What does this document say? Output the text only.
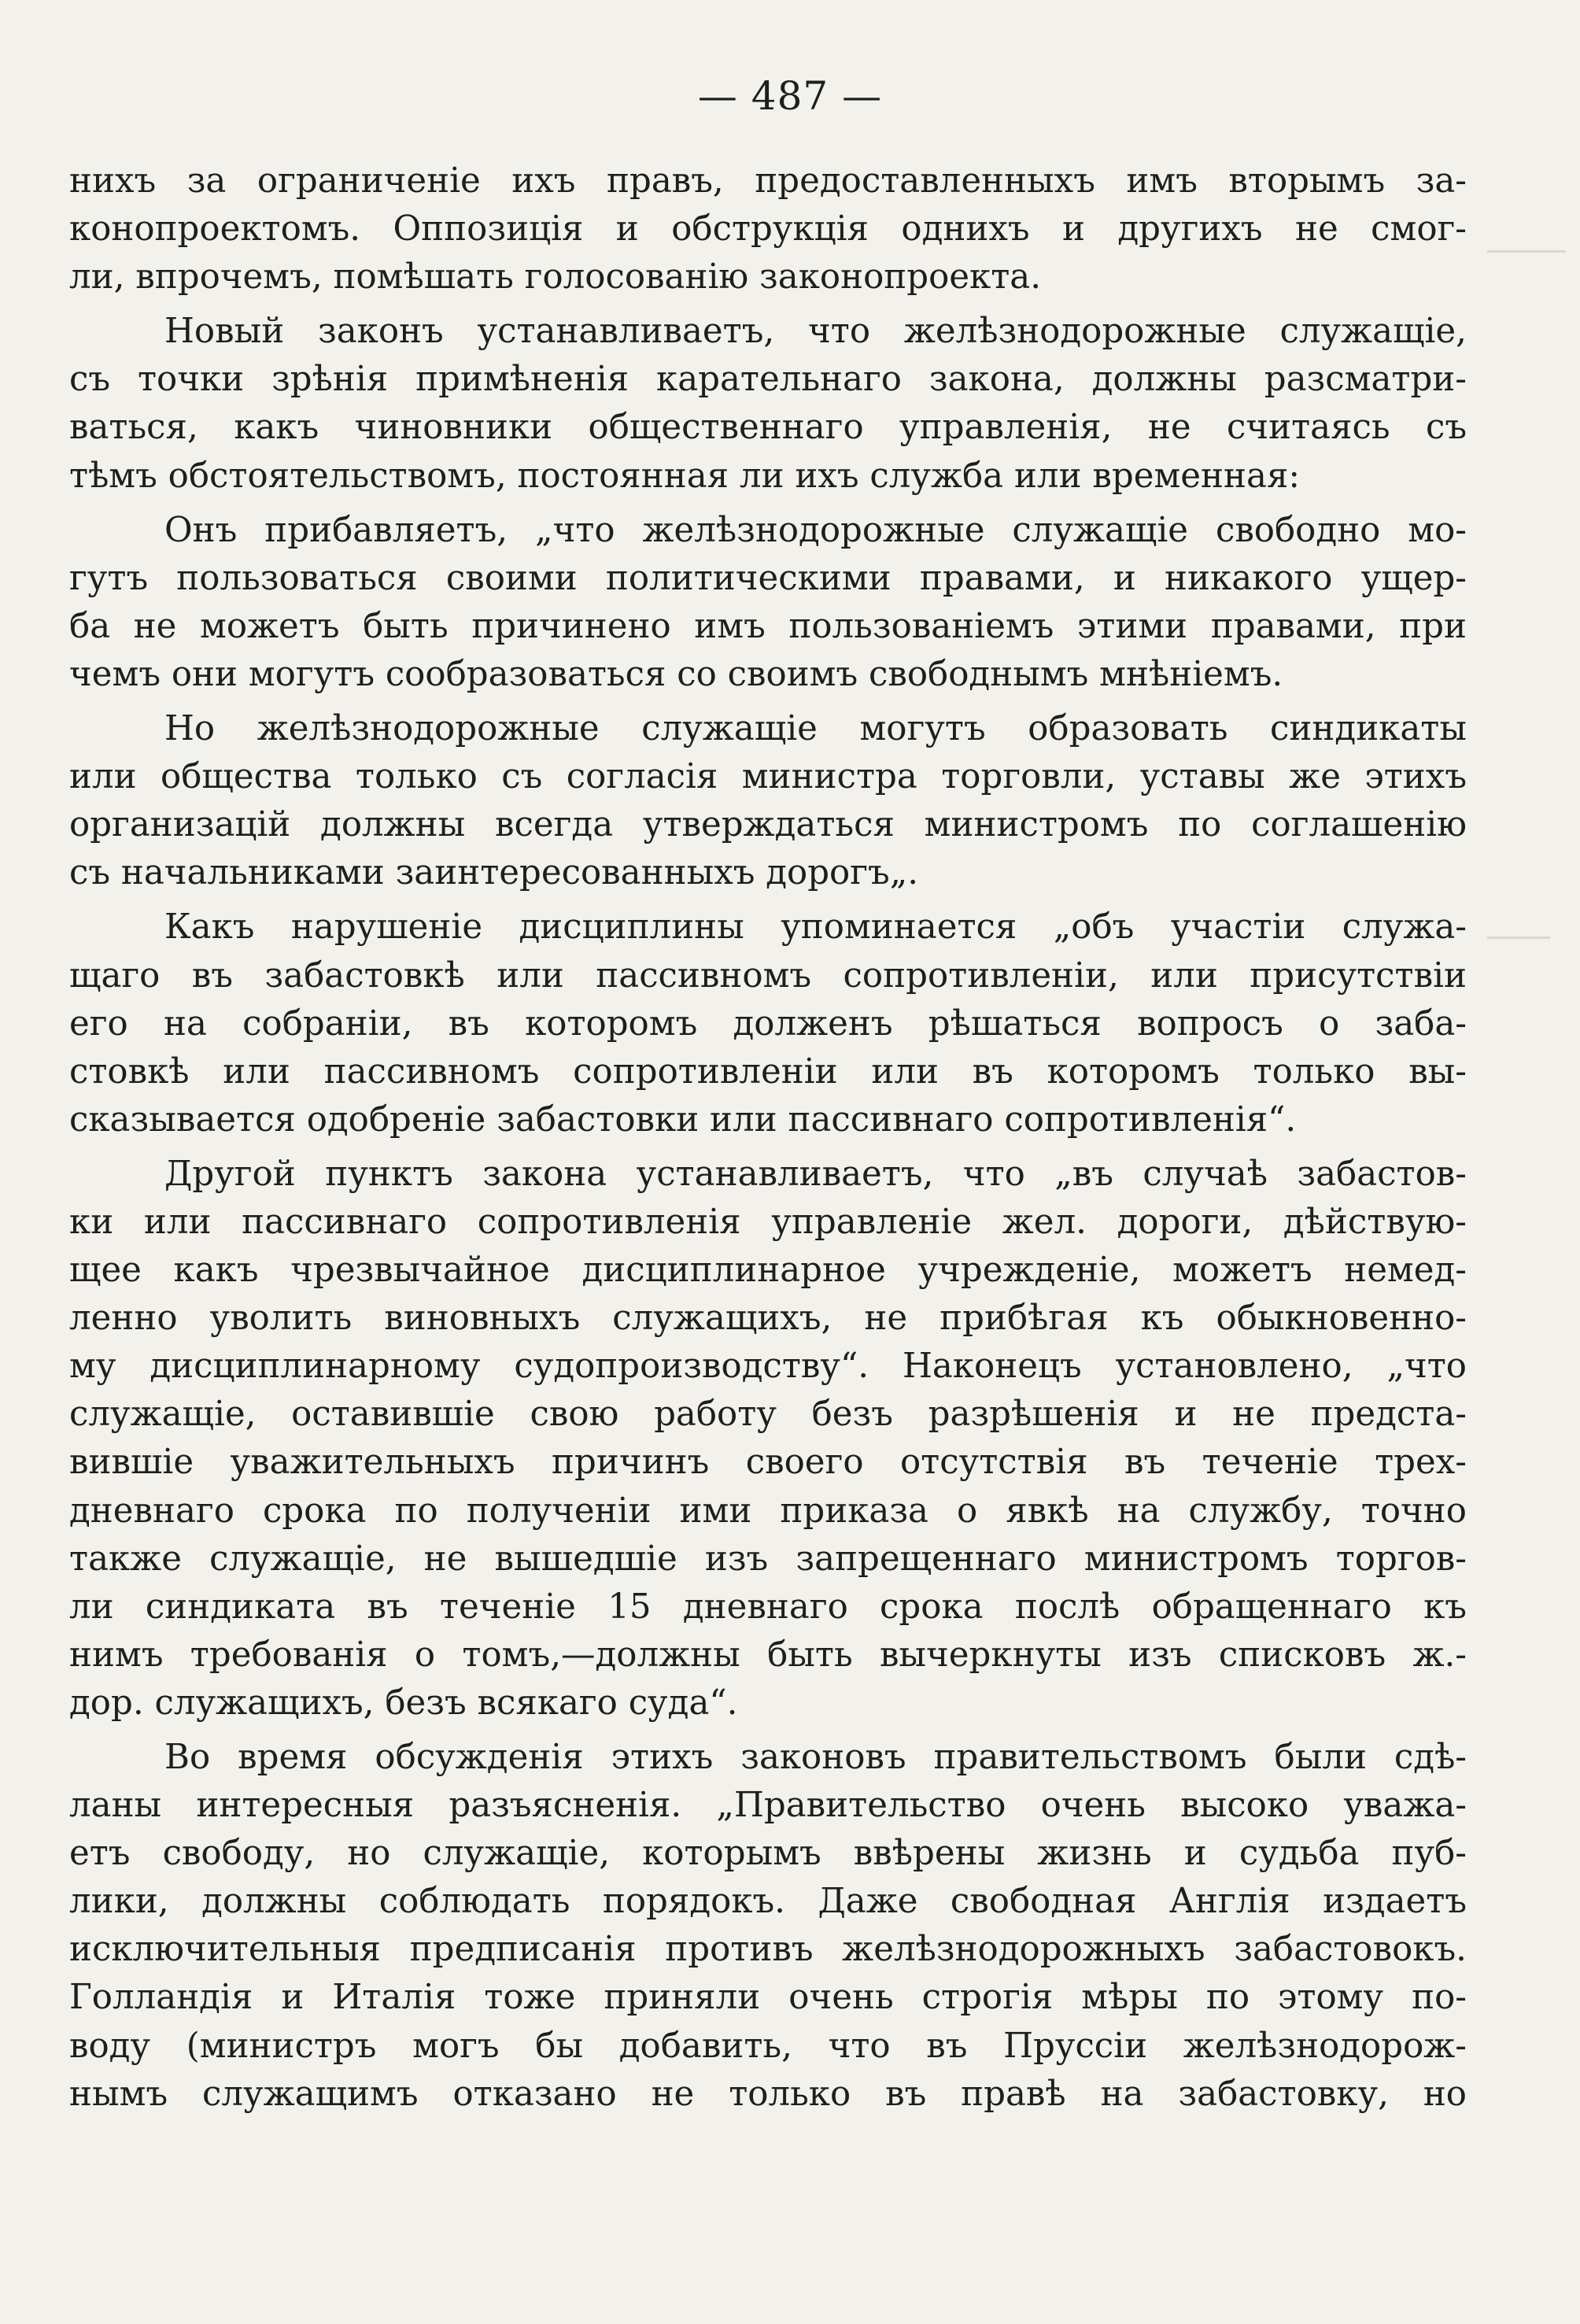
— 487 —
нихъ за ограниченіе ихъ правъ, предоставленныхъ имъ вторымъ за-
конопроектомъ. Оппозиція и обструкція однихъ и другихъ не смог-
ли, впрочемъ, помѣшать голосованію законопроекта.
Новый законъ устанавливаетъ, что желѣзнодорожные служащіе,
съ точки зрѣнія примѣненія карательнаго закона, должны разсматри-
ваться, какъ чиновники общественнаго управленія, не считаясь съ
тѣмъ обстоятельствомъ, постоянная ли ихъ служба или временная:
Онъ прибавляетъ, „что желѣзнодорожные служащіе свободно мо-
гутъ пользоваться своими политическими правами, и никакого ущер-
ба не можетъ быть причинено имъ пользованіемъ этими правами, при
чемъ они могутъ сообразоваться со своимъ свободнымъ мнѣніемъ.
Но желѣзнодорожные служащіе могутъ образовать синдикаты
или общества только съ согласія министра торговли, уставы же этихъ
организацій должны всегда утверждаться министромъ по соглашенію
съ начальниками заинтересованныхъ дорогъ„.
Какъ нарушеніе дисциплины упоминается „объ участіи служа-
щаго въ забастовкѣ или пассивномъ сопротивленіи, или присутствіи
его на собраніи, въ которомъ долженъ рѣшаться вопросъ о заба-
стовкѣ или пассивномъ сопротивленіи или въ которомъ только вы-
сказывается одобреніе забастовки или пассивнаго сопротивленія“.
Другой пунктъ закона устанавливаетъ, что „въ случаѣ забастов-
ки или пассивнаго сопротивленія управленіе жел. дороги, дѣйствую-
щее какъ чрезвычайное дисциплинарное учрежденіе, можетъ немед-
ленно уволить виновныхъ служащихъ, не прибѣгая къ обыкновенно-
му дисциплинарному судопроизводству“. Наконецъ установлено, „что
служащіе, оставившіе свою работу безъ разрѣшенія и не предста-
вившіе уважительныхъ причинъ своего отсутствія въ теченіе трех-
дневнаго срока по полученіи ими приказа о явкѣ на службу, точно
также служащіе, не вышедшіе изъ запрещеннаго министромъ торгов-
ли синдиката въ теченіе 15 дневнаго срока послѣ обращеннаго къ
нимъ требованія о томъ,—должны быть вычеркнуты изъ списковъ ж.-
дор. служащихъ, безъ всякаго суда“.
Во время обсужденія этихъ законовъ правительствомъ были сдѣ-
ланы интересныя разъясненія. „Правительство очень высоко уважа-
етъ свободу, но служащіе, которымъ ввѣрены жизнь и судьба пуб-
лики, должны соблюдать порядокъ. Даже свободная Англія издаетъ
исключительныя предписанія противъ желѣзнодорожныхъ забастовокъ.
Голландія и Италія тоже приняли очень строгія мѣры по этому по-
воду (министръ могъ бы добавить, что въ Пруссіи желѣзнодорож-
нымъ служащимъ отказано не только въ правѣ на забастовку, но
